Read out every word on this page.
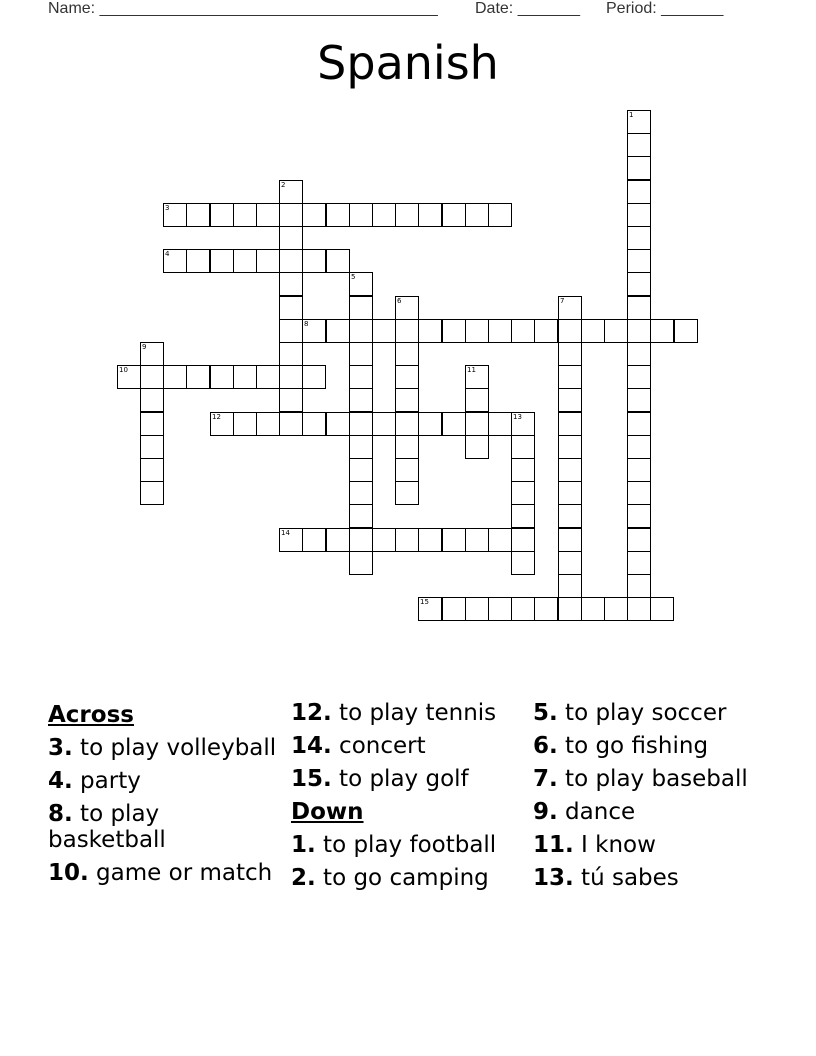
Name: ______________________________________ Date: _______ Period: _______
Spanish
1
2
3
4
5
6	7
8
9
10	11
12	13
14
15
Across
3. to play volleyball
4. party
8. to play basketball
10. game or match
12. to play tennis
14. concert
15. to play golf
Down
1. to play football
2. to go camping
5. to play soccer
6. to go fishing
7. to play baseball
9. dance
11. I know
13. tú sabes
